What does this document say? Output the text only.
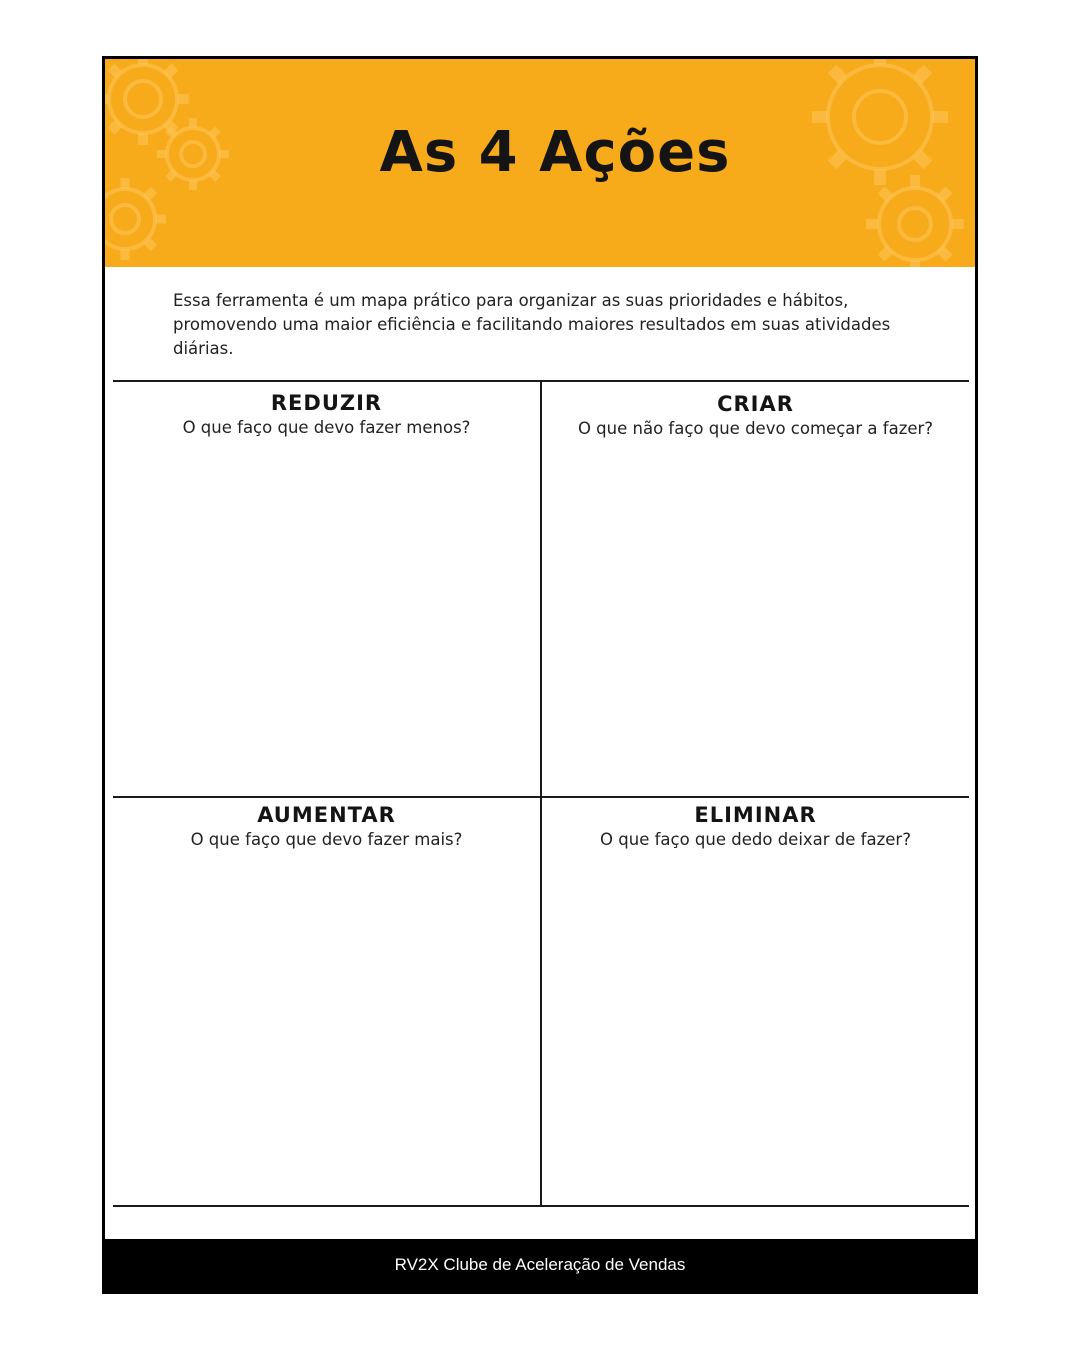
As 4 Ações

Essa ferramenta é um mapa prático para organizar as suas prioridades e hábitos, promovendo uma maior eficiência e facilitando maiores resultados em suas atividades diárias.

REDUZIR
O que faço que devo fazer menos?
CRIAR
O que não faço que devo começar a fazer?
AUMENTAR
O que faço que devo fazer mais?
ELIMINAR
O que faço que dedo deixar de fazer?
RV2X Clube de Aceleração de Vendas
